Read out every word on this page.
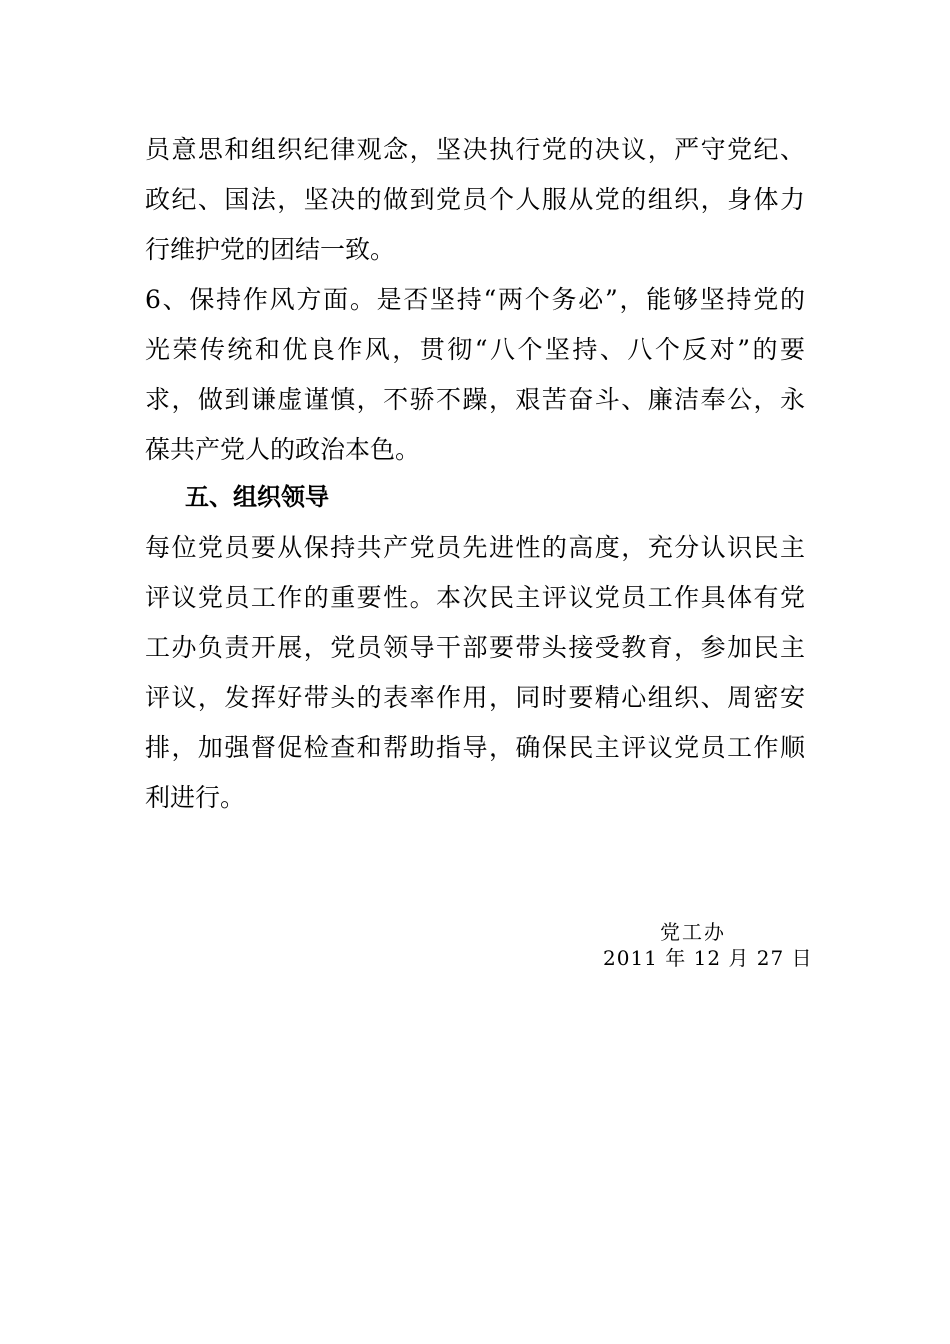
员意思和组织纪律观念，坚决执行党的决议，严守党纪、
政纪、国法，坚决的做到党员个人服从党的组织，身体力
行维护党的团结一致。
6、保持作风方面。是否坚持“两个务必”，能够坚持党的
光荣传统和优良作风，贯彻“八个坚持、八个反对”的要
求，做到谦虚谨慎，不骄不躁，艰苦奋斗、廉洁奉公，永
葆共产党人的政治本色。
五、组织领导
每位党员要从保持共产党员先进性的高度，充分认识民主
评议党员工作的重要性。本次民主评议党员工作具体有党
工办负责开展，党员领导干部要带头接受教育，参加民主
评议，发挥好带头的表率作用，同时要精心组织、周密安
排，加强督促检查和帮助指导，确保民主评议党员工作顺
利进行。
党工办
2011 年 12 月 27 日
